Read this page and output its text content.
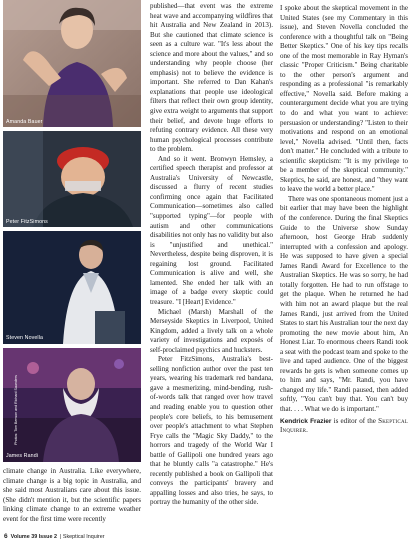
Amanda Bauer
Peter FitzSimons
Steven Novella
Photos: Tom Benson and Richard Saunders
James Randi

climate change in Australia. Like everywhere, climate change is a big topic in Australia, and she said most Australians care about this issue. (She didn't mention it, but the scientific papers linking climate change to an extreme weather event for the first time were recently

published—that event was the extreme heat wave and accompanying wildfires that hit Australia and New Zealand in 2013). But she cautioned that climate science is seen as a culture war. "It's less about the science and more about the values," and so understanding why people choose (her emphasis) not to believe the evidence is important. She referred to Dan Kahan's explanations that people use ideological filters that reflect their own group identity, give extra weight to arguments that support their belief, and devote huge efforts to refuting contrary evidence. All these very human psychological processes contribute to the problem.

And so it went. Bronwyn Hemsley, a certified speech therapist and professor at Australia's University of Newcastle, discussed a flurry of recent studies confirming once again that Facilitated Communication—sometimes also called "supported typing"—for people with autism and other communications disabilities not only has no validity but also is "unjustified and unethical." Nevertheless, despite being disproven, it is regaining lost ground. Facilitated Communication is alive and well, she lamented. She ended her talk with an image of a badge every skeptic could treasure. "I [Heart] Evidence."

Michael (Marsh) Marshall of the Merseyside Skeptics in Liverpool, United Kingdom, added a lively talk on a whole variety of investigations and exposés of self-proclaimed psychics and hucksters.

Peter FitzSimons, Australia's best-selling nonfiction author over the past ten years, wearing his trademark red bandana, gave a mesmerizing, mind-bending, rush-of-words talk that ranged over how travel and reading enable you to question other people's core beliefs, to his bemusement over people's attachment to what Stephen Frye calls the "Magic Sky Daddy," to the horrors and tragedy of the World War I battle of Gallipoli one hundred years ago that he bluntly calls "a catastrophe." He's recently published a book on Gallipoli that conveys the participants' bravery and appalling losses and also tries, he says, to portray the humanity of the other side.

I spoke about the skeptical movement in the United States (see my Commentary in this issue), and Steven Novella concluded the conference with a thoughtful talk on "Being Better Skeptics." One of his key tips recalls one of the most memorable in Ray Hyman's classic "Proper Criticism." Being charitable to the other person's argument and responding as a professional "is remarkably effective," Novella said. Before making a counterargument decide what you are trying to do and what you want to achieve: persuasion or understanding? "Listen to their motivations and respond on an emotional level," Novella advised. "Until then, facts don't matter." He concluded with a tribute to scientific skepticism: "It is my privilege to be a member of the skeptical community." Skeptics, he said, are honest, and "they want to leave the world a better place."

There was one spontaneous moment just a bit earlier that may have been the highlight of the conference. During the final Skeptics Guide to the Universe show Sunday afternoon, host George Hrab suddenly interrupted with a confession and apology. He was supposed to have given a special James Randi Award for Excellence to the Australian Skeptics. He was so sorry, he had totally forgotten. He had to run offstage to get the plaque. When he returned he had with him not an award plaque but the real James Randi, just arrived from the United States to start his Australian tour the next day promoting the new movie about him, An Honest Liar. To enormous cheers Randi took a seat with the podcast team and spoke to the live and taped audience. One of the biggest rewards he gets is when someone comes up to him and says, "Mr. Randi, you have changed my life." Randi paused, then added softly, "You can't buy that. You can't buy that. . . . What we do is important."

Kendrick Frazier is editor of the Skeptical Inquirer.

6 Volume 39 Issue 2  | Skeptical Inquirer
